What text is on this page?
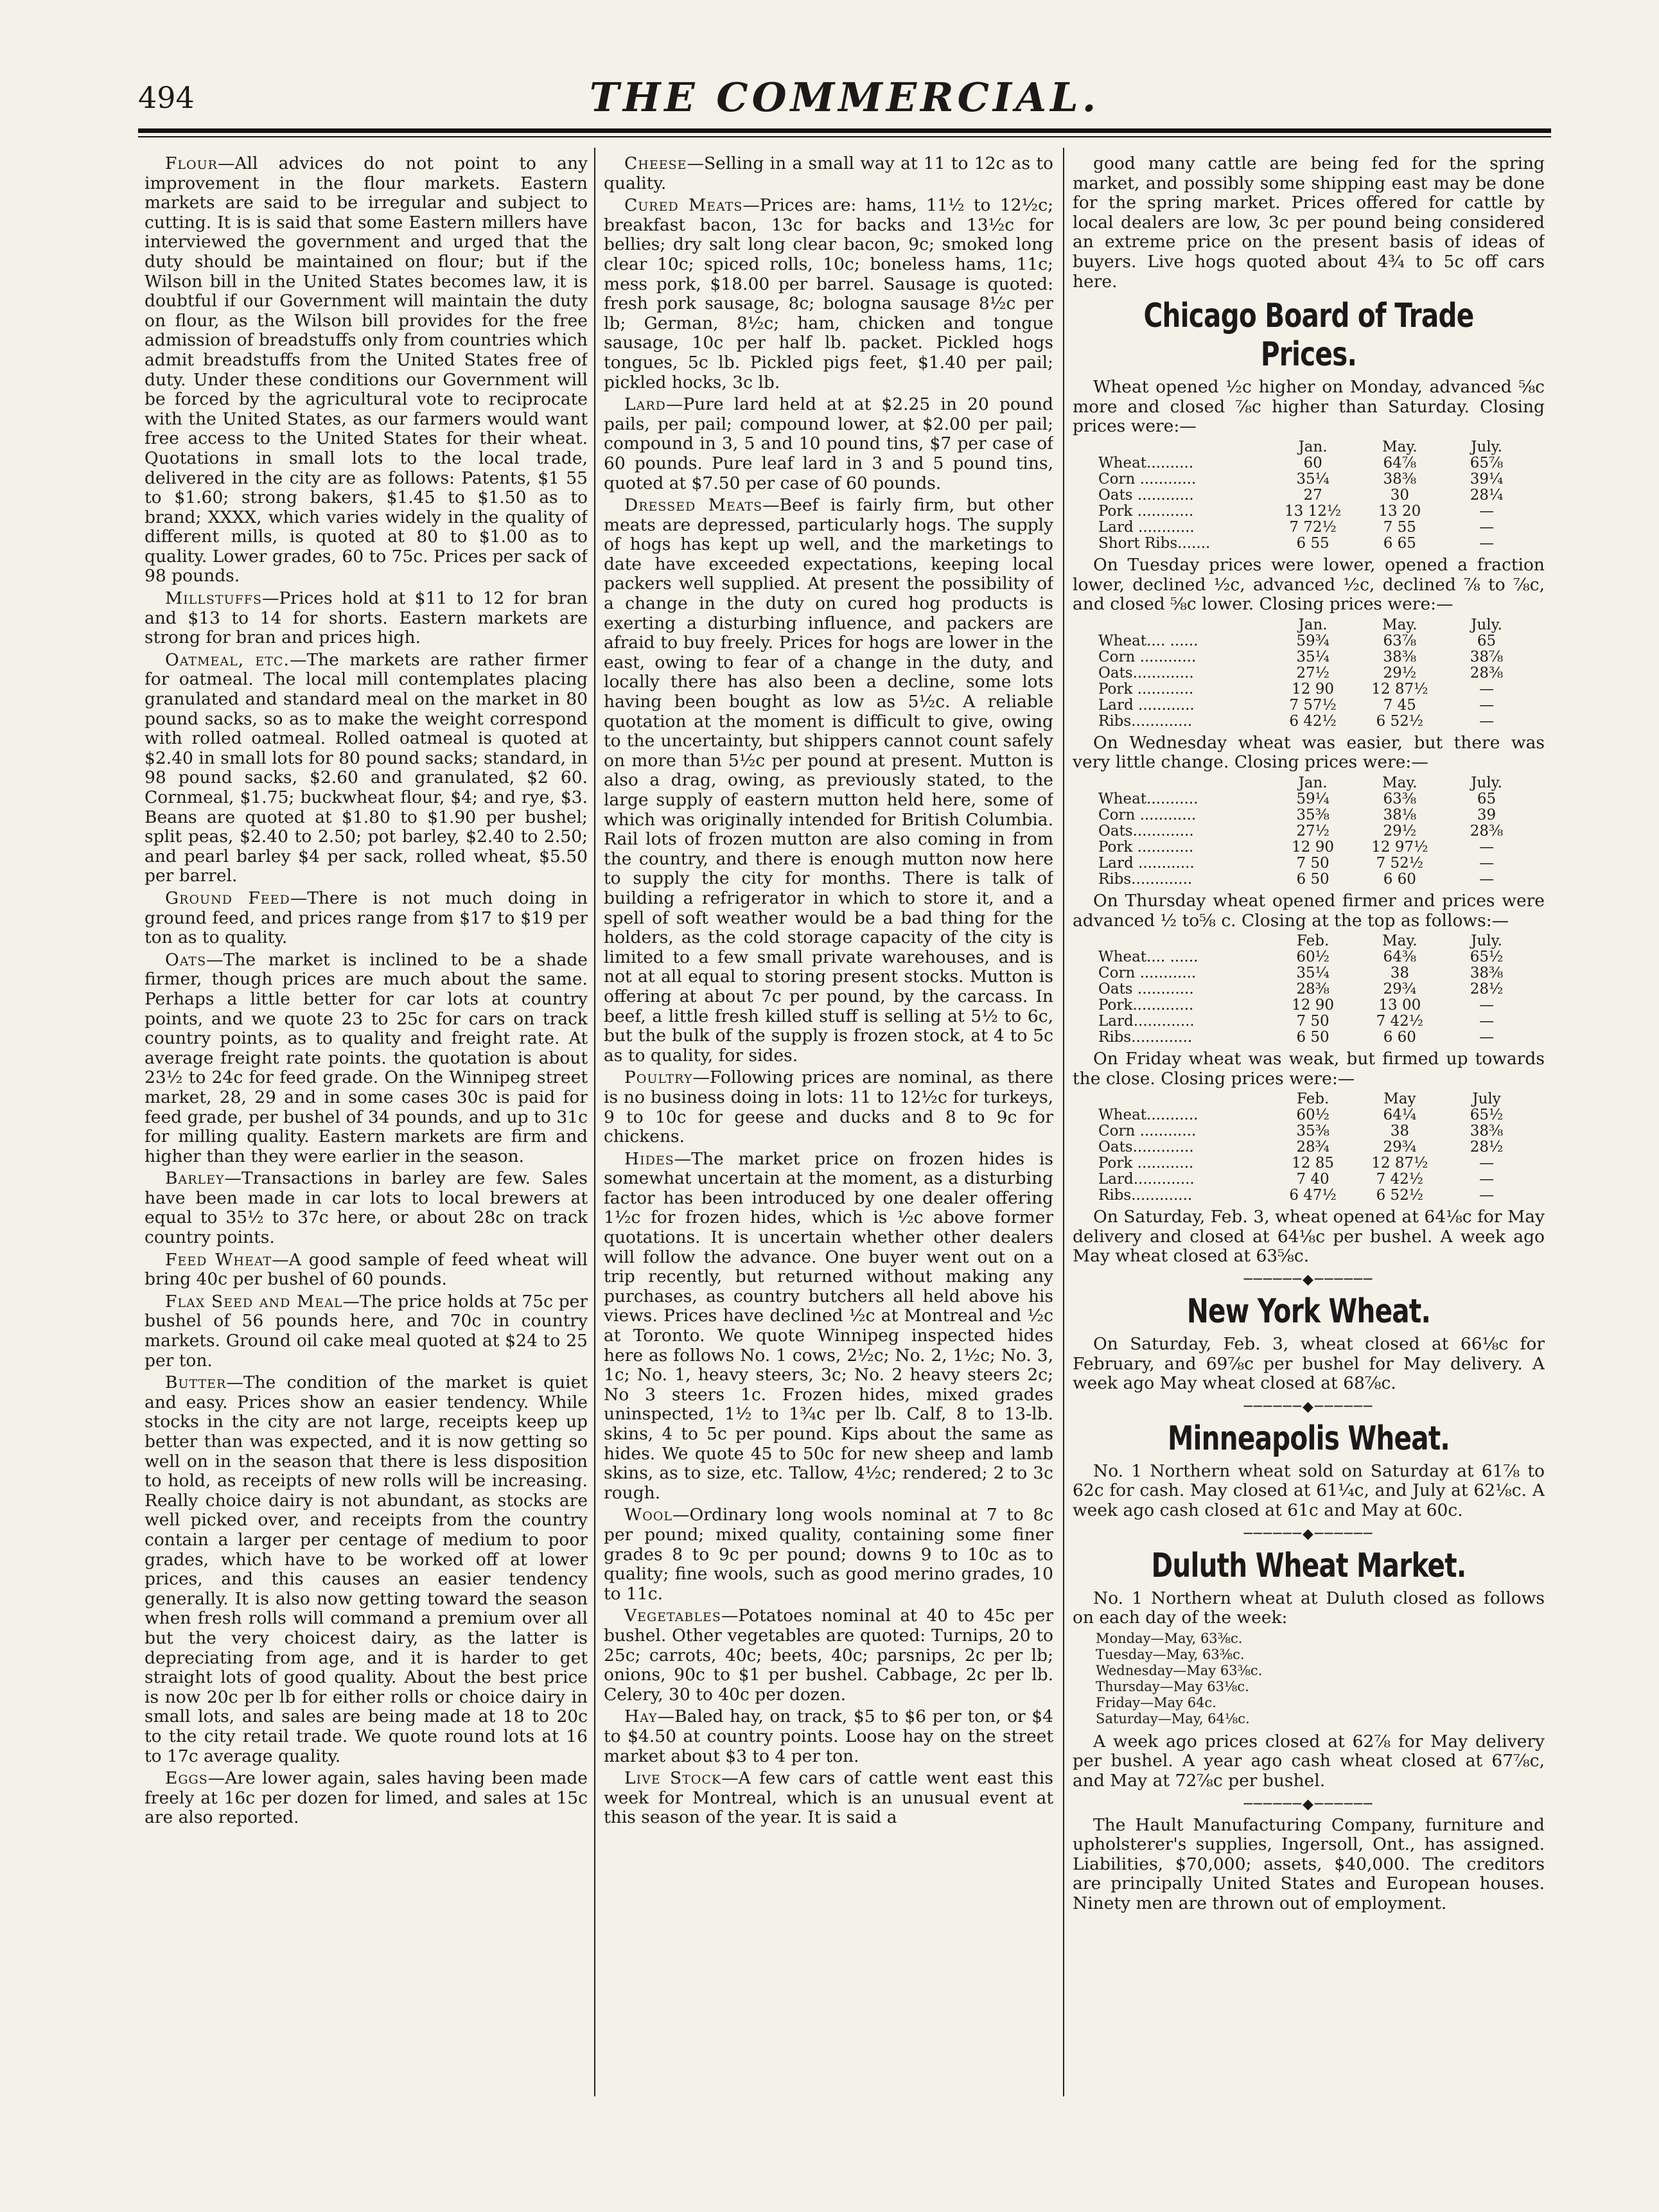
494	THE COMMERCIAL.

Flour—All advices do not point to any improvement in the flour markets. Eastern markets are said to be irregular and subject to cutting. It is is said that some Eastern millers have interviewed the government and urged that the duty should be maintained on flour; but if the Wilson bill in the United States becomes law, it is doubtful if our Government will maintain the duty on flour, as the Wilson bill provides for the free admission of breadstuffs only from countries which admit breadstuffs from the United States free of duty. Under these conditions our Government will be forced by the agricultural vote to reciprocate with the United States, as our farmers would want free access to the United States for their wheat. Quotations in small lots to the local trade, delivered in the city are as follows: Patents, $1 55 to $1.60; strong bakers, $1.45 to $1.50 as to brand; XXXX, which varies widely in the quality of different mills, is quoted at 80 to $1.00 as to quality. Lower grades, 60 to 75c. Prices per sack of 98 pounds.

Millstuffs—Prices hold at $11 to 12 for bran and $13 to 14 for shorts. Eastern markets are strong for bran and prices high.

Oatmeal, etc.—The markets are rather firmer for oatmeal. The local mill contemplates placing granulated and standard meal on the market in 80 pound sacks, so as to make the weight correspond with rolled oatmeal. Rolled oatmeal is quoted at $2.40 in small lots for 80 pound sacks; standard, in 98 pound sacks, $2.60 and granulated, $2 60. Cornmeal, $1.75; buckwheat flour, $4; and rye, $3. Beans are quoted at $1.80 to $1.90 per bushel; split peas, $2.40 to 2.50; pot barley, $2.40 to 2.50; and pearl barley $4 per sack, rolled wheat, $5.50 per barrel.

Ground Feed—There is not much doing in ground feed, and prices range from $17 to $19 per ton as to quality.

Oats—The market is inclined to be a shade firmer, though prices are much about the same. Perhaps a little better for car lots at country points, and we quote 23 to 25c for cars on track country points, as to quality and freight rate. At average freight rate points. the quotation is about 23½ to 24c for feed grade. On the Winnipeg street market, 28, 29 and in some cases 30c is paid for feed grade, per bushel of 34 pounds, and up to 31c for milling quality. Eastern markets are firm and higher than they were earlier in the season.

Barley—Transactions in barley are few. Sales have been made in car lots to local brewers at equal to 35½ to 37c here, or about 28c on track country points.

Feed Wheat—A good sample of feed wheat will bring 40c per bushel of 60 pounds.

Flax Seed and Meal—The price holds at 75c per bushel of 56 pounds here, and 70c in country markets. Ground oil cake meal quoted at $24 to 25 per ton.

Butter—The condition of the market is quiet and easy. Prices show an easier tendency. While stocks in the city are not large, receipts keep up better than was expected, and it is now getting so well on in the season that there is less disposition to hold, as receipts of new rolls will be increasing. Really choice dairy is not abundant, as stocks are well picked over, and receipts from the country contain a larger per centage of medium to poor grades, which have to be worked off at lower prices, and this causes an easier tendency generally. It is also now getting toward the season when fresh rolls will command a premium over all but the very choicest dairy, as the latter is depreciating from age, and it is harder to get straight lots of good quality. About the best price is now 20c per lb for either rolls or choice dairy in small lots, and sales are being made at 18 to 20c to the city retail trade. We quote round lots at 16 to 17c average quality.

Eggs—Are lower again, sales having been made freely at 16c per dozen for limed, and sales at 15c are also reported.

Cheese—Selling in a small way at 11 to 12c as to quality.

Cured Meats—Prices are: hams, 11½ to 12½c; breakfast bacon, 13c for backs and 13½c for bellies; dry salt long clear bacon, 9c; smoked long clear 10c; spiced rolls, 10c; boneless hams, 11c; mess pork, $18.00 per barrel. Sausage is quoted: fresh pork sausage, 8c; bologna sausage 8½c per lb; German, 8½c; ham, chicken and tongue sausage, 10c per half lb. packet. Pickled hogs tongues, 5c lb. Pickled pigs feet, $1.40 per pail; pickled hocks, 3c lb.

Lard—Pure lard held at at $2.25 in 20 pound pails, per pail; compound lower, at $2.00 per pail; compound in 3, 5 and 10 pound tins, $7 per case of 60 pounds. Pure leaf lard in 3 and 5 pound tins, quoted at $7.50 per case of 60 pounds.

Dressed Meats—Beef is fairly firm, but other meats are depressed, particularly hogs. The supply of hogs has kept up well, and the marketings to date have exceeded expectations, keeping local packers well supplied. At present the possibility of a change in the duty on cured hog products is exerting a disturbing influence, and packers are afraid to buy freely. Prices for hogs are lower in the east, owing to fear of a change in the duty, and locally there has also been a decline, some lots having been bought as low as 5½c. A reliable quotation at the moment is difficult to give, owing to the uncertainty, but shippers cannot count safely on more than 5½c per pound at present. Mutton is also a drag, owing, as previously stated, to the large supply of eastern mutton held here, some of which was originally intended for British Columbia. Rail lots of frozen mutton are also coming in from the country, and there is enough mutton now here to supply the city for months. There is talk of building a refrigerator in which to store it, and a spell of soft weather would be a bad thing for the holders, as the cold storage capacity of the city is limited to a few small private warehouses, and is not at all equal to storing present stocks. Mutton is offering at about 7c per pound, by the carcass. In beef, a little fresh killed stuff is selling at 5½ to 6c, but the bulk of the supply is frozen stock, at 4 to 5c as to quality, for sides.

Poultry—Following prices are nominal, as there is no business doing in lots: 11 to 12½c for turkeys, 9 to 10c for geese and ducks and 8 to 9c for chickens.

Hides—The market price on frozen hides is somewhat uncertain at the moment, as a disturbing factor has been introduced by one dealer offering 1½c for frozen hides, which is ½c above former quotations. It is uncertain whether other dealers will follow the advance. One buyer went out on a trip recently, but returned without making any purchases, as country butchers all held above his views. Prices have declined ½c at Montreal and ½c at Toronto. We quote Winnipeg inspected hides here as follows No. 1 cows, 2½c; No. 2, 1½c; No. 3, 1c; No. 1, heavy steers, 3c; No. 2 heavy steers 2c; No 3 steers 1c. Frozen hides, mixed grades uninspected, 1½ to 1¾c per lb. Calf, 8 to 13-lb. skins, 4 to 5c per pound. Kips about the same as hides. We quote 45 to 50c for new sheep and lamb skins, as to size, etc. Tallow, 4½c; rendered; 2 to 3c rough.

Wool—Ordinary long wools nominal at 7 to 8c per pound; mixed quality, containing some finer grades 8 to 9c per pound; downs 9 to 10c as to quality; fine wools, such as good merino grades, 10 to 11c.

Vegetables—Potatoes nominal at 40 to 45c per bushel. Other vegetables are quoted: Turnips, 20 to 25c; carrots, 40c; beets, 40c; parsnips, 2c per lb; onions, 90c to $1 per bushel. Cabbage, 2c per lb. Celery, 30 to 40c per dozen.

Hay—Baled hay, on track, $5 to $6 per ton, or $4 to $4.50 at country points. Loose hay on the street market about $3 to 4 per ton.

Live Stock—A few cars of cattle went east this week for Montreal, which is an unusual event at this season of the year. It is said a

good many cattle are being fed for the spring market, and possibly some shipping east may be done for the spring market. Prices offered for cattle by local dealers are low, 3c per pound being considered an extreme price on the present basis of ideas of buyers. Live hogs quoted about 4¾ to 5c off cars here.

Chicago Board of Trade Prices.

Wheat opened ½c higher on Monday, advanced ⅝c more and closed ⅞c higher than Saturday. Closing prices were:—

	Jan.	May.	July.
Wheat..........	60	64⅞	65⅞
Corn ............	35¼	38⅜	39¼
Oats ............	27	30	28¼
Pork ............	13 12½	13 20	—
Lard ............	7 72½	7 55	—
Short Ribs.......	6 55	6 65	—

On Tuesday prices were lower, opened a fraction lower, declined ½c, advanced ½c, declined ⅞ to ⅞c, and closed ⅝c lower. Closing prices were:—

	Jan.	May.	July.
Wheat.... ......	59¾	63⅞	65
Corn ............	35¼	38⅜	38⅞
Oats.............	27½	29½	28⅜
Pork ............	12 90	12 87½	—
Lard ............	7 57½	7 45	—
Ribs.............	6 42½	6 52½	—

On Wednesday wheat was easier, but there was very little change. Closing prices were:—

	Jan.	May.	July.
Wheat...........	59¼	63⅜	65
Corn ............	35⅜	38⅛	39
Oats.............	27½	29½	28⅜
Pork ............	12 90	12 97½	—
Lard ............	7 50	7 52½	—
Ribs.............	6 50	6 60	—

On Thursday wheat opened firmer and prices were advanced ½ to⅝ c. Closing at the top as follows:—

	Feb.	May.	July.
Wheat.... ......	60½	64⅜	65½
Corn ............	35¼	38	38⅜
Oats ............	28⅜	29¾	28½
Pork.............	12 90	13 00	—
Lard.............	7 50	7 42½	—
Ribs.............	6 50	6 60	—

On Friday wheat was weak, but firmed up towards the close. Closing prices were:—

	Feb.	May	July
Wheat...........	60½	64¼	65½
Corn ............	35⅜	38	38⅜
Oats.............	28¾	29¾	28½
Pork ............	12 85	12 87½	—
Lard.............	7 40	7 42½	—
Ribs.............	6 47½	6 52½	—

On Saturday, Feb. 3, wheat opened at 64⅛c for May delivery and closed at 64⅛c per bushel. A week ago May wheat closed at 63⅝c.

──────◆──────
New York Wheat.

On Saturday, Feb. 3, wheat closed at 66⅛c for February, and 69⅞c per bushel for May delivery. A week ago May wheat closed at 68⅞c.

──────◆──────
Minneapolis Wheat.

No. 1 Northern wheat sold on Saturday at 61⅞ to 62c for cash. May closed at 61¼c, and July at 62⅛c. A week ago cash closed at 61c and May at 60c.

──────◆──────
Duluth Wheat Market.

No. 1 Northern wheat at Duluth closed as follows on each day of the week:

Monday—May, 63⅜c.
Tuesday—May, 63⅜c.
Wednesday—May 63⅜c.
Thursday—May 63⅛c.
Friday—May 64c.
Saturday—May, 64⅛c.

A week ago prices closed at 62⅞ for May delivery per bushel. A year ago cash wheat closed at 67⅞c, and May at 72⅞c per bushel.

──────◆──────

The Hault Manufacturing Company, furniture and upholsterer's supplies, Ingersoll, Ont., has assigned. Liabilities, $70,000; assets, $40,000. The creditors are principally United States and European houses. Ninety men are thrown out of employment.
